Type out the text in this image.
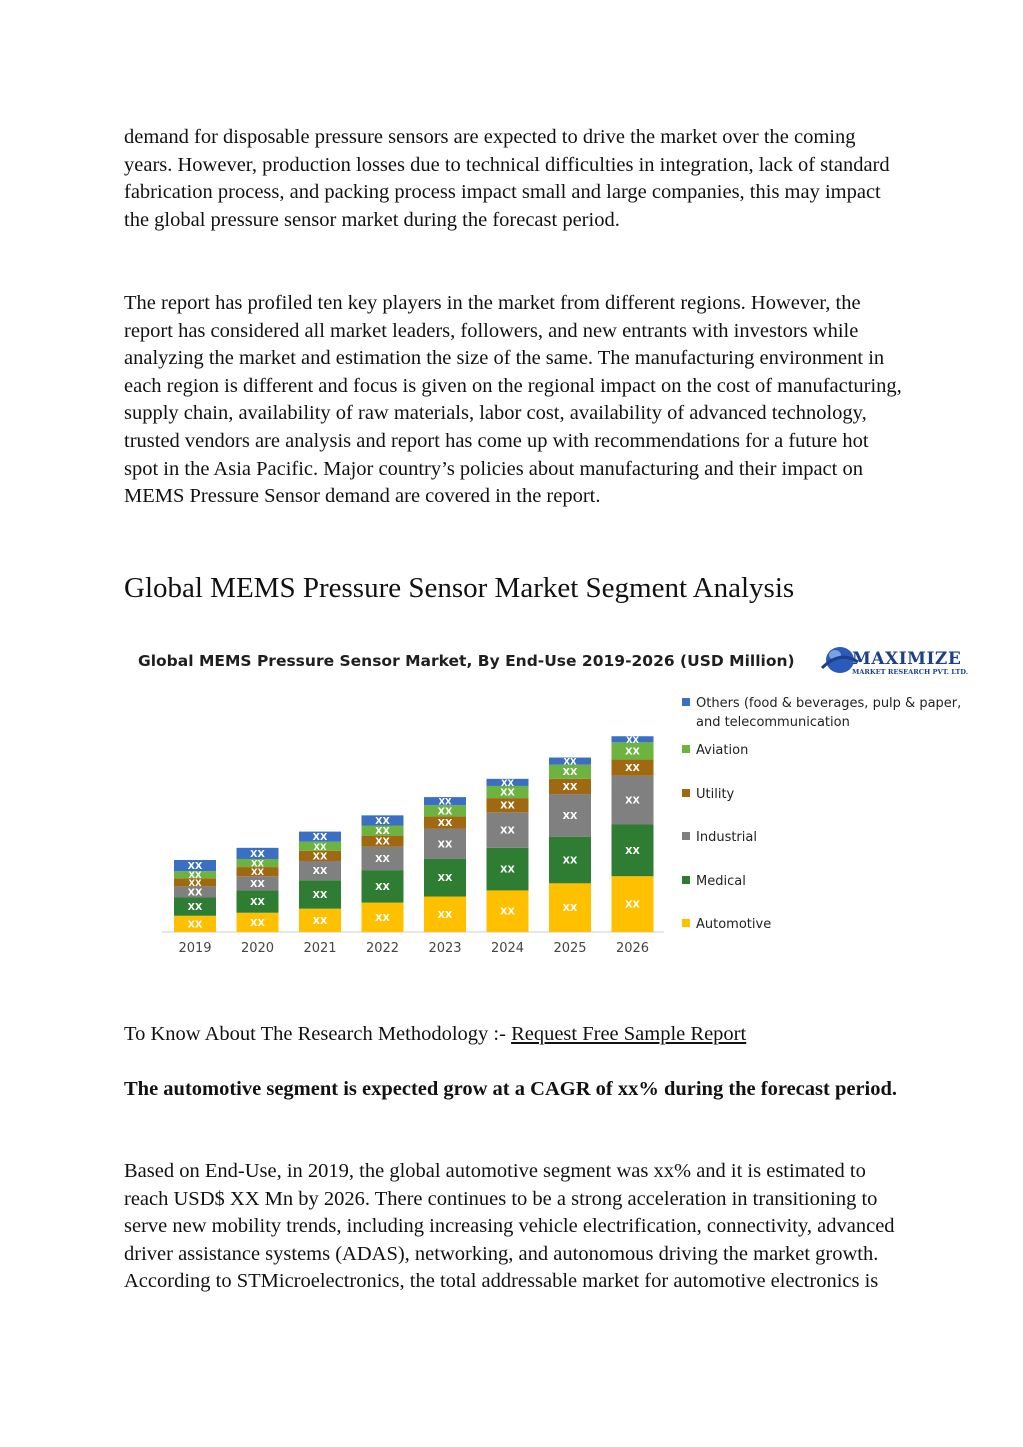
demand for disposable pressure sensors are expected to drive the market over the coming years. However, production losses due to technical difficulties in integration, lack of standard fabrication process, and packing process impact small and large companies, this may impact the global pressure sensor market during the forecast period.

The report has profiled ten key players in the market from different regions. However, the report has considered all market leaders, followers, and new entrants with investors while analyzing the market and estimation the size of the same. The manufacturing environment in each region is different and focus is given on the regional impact on the cost of manufacturing, supply chain, availability of raw materials, labor cost, availability of advanced technology, trusted vendors are analysis and report has come up with recommendations for a future hot spot in the Asia Pacific. Major country’s policies about manufacturing and their impact on MEMS Pressure Sensor demand are covered in the report.

Global MEMS Pressure Sensor Market Segment Analysis
Global MEMS Pressure Sensor Market, By End-Use 2019-2026 (USD Million)	MAXIMIZE
MARKET RESEARCH PVT. LTD.
XX
XX
XX
XX
XX
XX
2019
XX
XX
XX
XX
XX
XX
2020
XX
XX
XX
XX
XX
XX
2021
XX
XX
XX
XX
XX
XX
2022
XX
XX
XX
XX
XX
XX
2023
XX
XX
XX
XX
XX
XX
2024
XX
XX
XX
XX
XX
XX
2025
XX
XX
XX
XX
XX
XX
2026
Others (food & beverages, pulp & paper, and telecommunication
Aviation
Utility
Industrial
Medical
Automotive

To Know About The Research Methodology :- Request Free Sample Report

The automotive segment is expected grow at a CAGR of xx% during the forecast period.

Based on End-Use, in 2019, the global automotive segment was xx% and it is estimated to reach USD$ XX Mn by 2026. There continues to be a strong acceleration in transitioning to serve new mobility trends, including increasing vehicle electrification, connectivity, advanced driver assistance systems (ADAS), networking, and autonomous driving the market growth. According to STMicroelectronics, the total addressable market for automotive electronics is
